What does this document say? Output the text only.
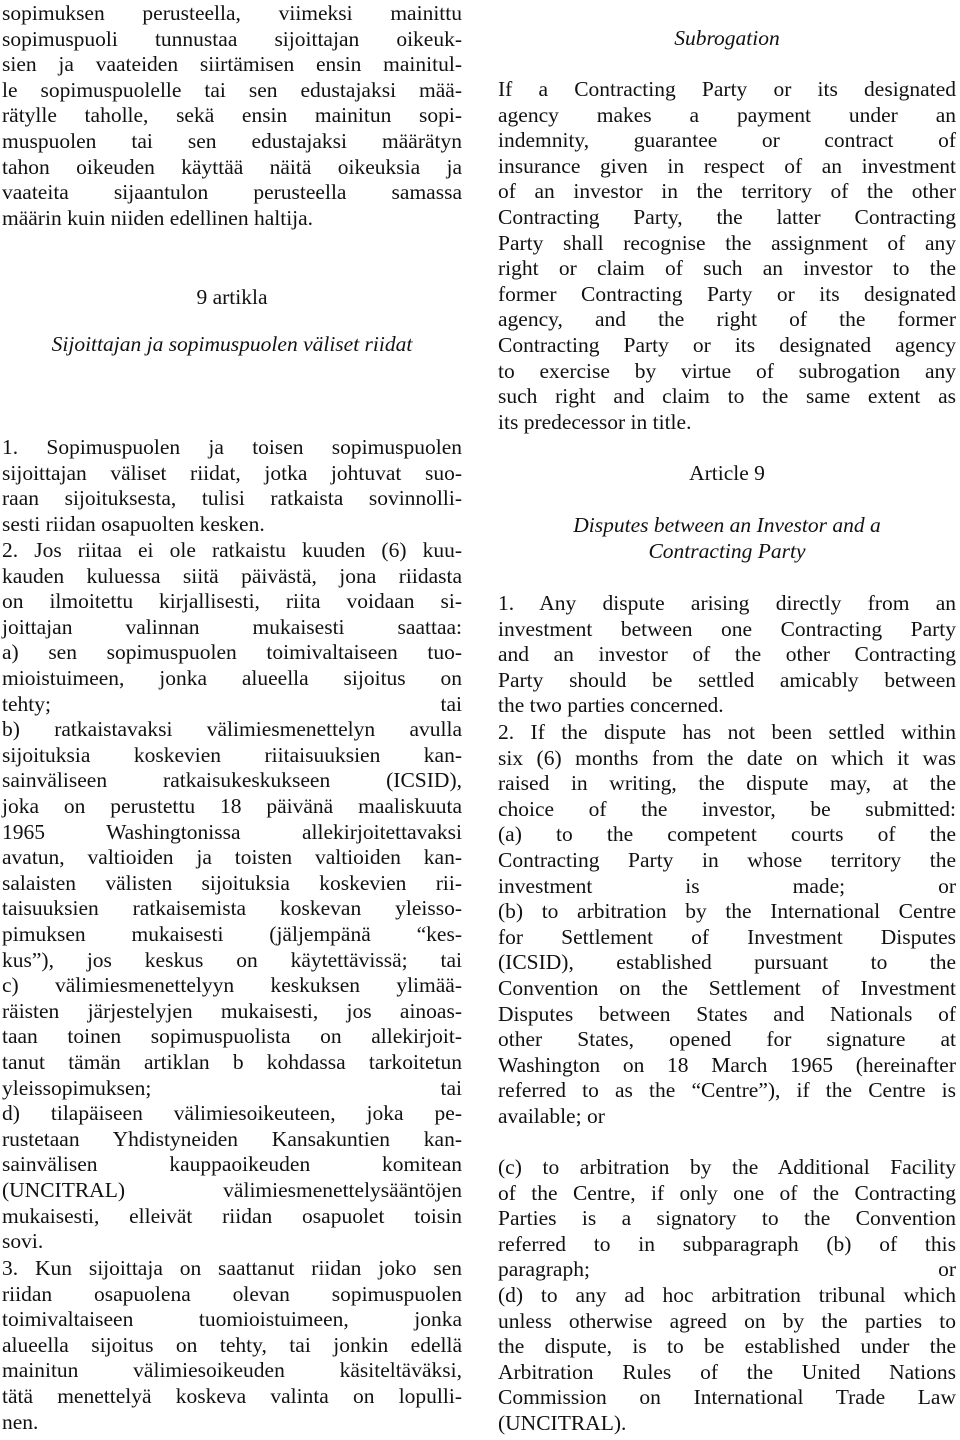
sopimuksen perusteella, viimeksi mainittu
sopimuspuoli tunnustaa sijoittajan oikeuk-
sien ja vaateiden siirtämisen ensin mainitul-
le sopimuspuolelle tai sen edustajaksi mää-
rätylle taholle, sekä ensin mainitun sopi-
muspuolen tai sen edustajaksi määrätyn
tahon oikeuden käyttää näitä oikeuksia ja
vaateita sijaantulon perusteella samassa
määrin kuin niiden edellinen haltija.
9 artikla
Sijoittajan ja sopimuspuolen väliset riidat
1. Sopimuspuolen ja toisen sopimuspuolen
sijoittajan väliset riidat, jotka johtuvat suo-
raan sijoituksesta, tulisi ratkaista sovinnolli-
sesti riidan osapuolten kesken.
2. Jos riitaa ei ole ratkaistu kuuden (6) kuu-
kauden kuluessa siitä päivästä, jona riidasta
on ilmoitettu kirjallisesti, riita voidaan si-
joittajan valinnan mukaisesti saattaa:
a) sen sopimuspuolen toimivaltaiseen tuo-
mioistuimeen, jonka alueella sijoitus on
tehty; tai
b) ratkaistavaksi välimiesmenettelyn avulla
sijoituksia koskevien riitaisuuksien kan-
sainväliseen ratkaisukeskukseen (ICSID),
joka on perustettu 18 päivänä maaliskuuta
1965 Washingtonissa allekirjoitettavaksi
avatun, valtioiden ja toisten valtioiden kan-
salaisten välisten sijoituksia koskevien rii-
taisuuksien ratkaisemista koskevan yleisso-
pimuksen mukaisesti (jäljempänä “kes-
kus”), jos keskus on käytettävissä; tai
c) välimiesmenettelyyn keskuksen ylimää-
räisten järjestelyjen mukaisesti, jos ainoas-
taan toinen sopimuspuolista on allekirjoit-
tanut tämän artiklan b kohdassa tarkoitetun
yleissopimuksen; tai
d) tilapäiseen välimiesoikeuteen, joka pe-
rustetaan Yhdistyneiden Kansakuntien kan-
sainvälisen kauppaoikeuden komitean
(UNCITRAL) välimiesmenettelysääntöjen
mukaisesti, elleivät riidan osapuolet toisin
sovi.
3. Kun sijoittaja on saattanut riidan joko sen
riidan osapuolena olevan sopimuspuolen
toimivaltaiseen tuomioistuimeen, jonka
alueella sijoitus on tehty, tai jonkin edellä
mainitun välimiesoikeuden käsiteltäväksi,
tätä menettelyä koskeva valinta on lopulli-
nen.
Subrogation
If a Contracting Party or its designated
agency makes a payment under an
indemnity, guarantee or contract of
insurance given in respect of an investment
of an investor in the territory of the other
Contracting Party, the latter Contracting
Party shall recognise the assignment of any
right or claim of such an investor to the
former Contracting Party or its designated
agency, and the right of the former
Contracting Party or its designated agency
to exercise by virtue of subrogation any
such right and claim to the same extent as
its predecessor in title.
Article 9
Disputes between an Investor and a
Contracting Party
1. Any dispute arising directly from an
investment between one Contracting Party
and an investor of the other Contracting
Party should be settled amicably between
the two parties concerned.
2. If the dispute has not been settled within
six (6) months from the date on which it was
raised in writing, the dispute may, at the
choice of the investor, be submitted:
(a) to the competent courts of the
Contracting Party in whose territory the
investment is made; or
(b) to arbitration by the International Centre
for Settlement of Investment Disputes
(ICSID), established pursuant to the
Convention on the Settlement of Investment
Disputes between States and Nationals of
other States, opened for signature at
Washington on 18 March 1965 (hereinafter
referred to as the “Centre”), if the Centre is
available; or
(c) to arbitration by the Additional Facility
of the Centre, if only one of the Contracting
Parties is a signatory to the Convention
referred to in subparagraph (b) of this
paragraph; or
(d) to any ad hoc arbitration tribunal which
unless otherwise agreed on by the parties to
the dispute, is to be established under the
Arbitration Rules of the United Nations
Commission on International Trade Law
(UNCITRAL).
